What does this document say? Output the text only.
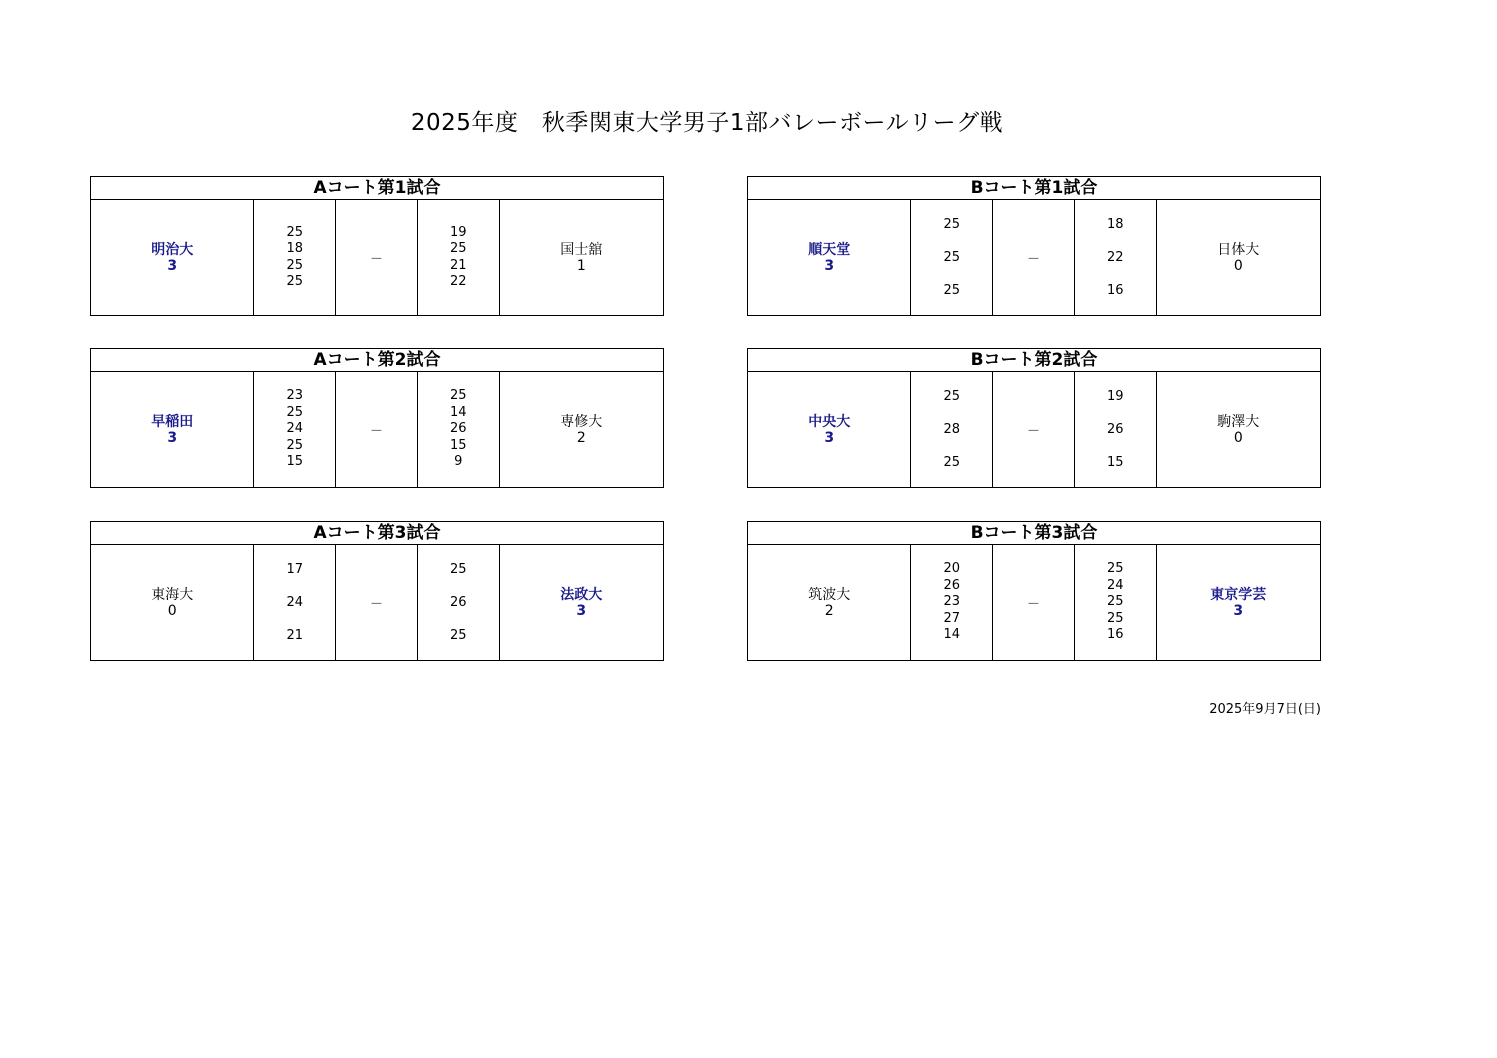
2025年度　秋季関東大学男子1部バレーボールリーグ戦
Aコート第1試合
明治大
3
25
18
25
25
－
19
25
21
22
国士舘
1
Bコート第1試合
順天堂
3
25
25
25
－
18
22
16
日体大
0
Aコート第2試合
早稲田
3
23
25
24
25
15
－
25
14
26
15
9
専修大
2
Bコート第2試合
中央大
3
25
28
25
－
19
26
15
駒澤大
0
Aコート第3試合
東海大
0
17
24
21
－
25
26
25
法政大
3
Bコート第3試合
筑波大
2
20
26
23
27
14
－
25
24
25
25
16
東京学芸
3
2025年9月7日(日)
